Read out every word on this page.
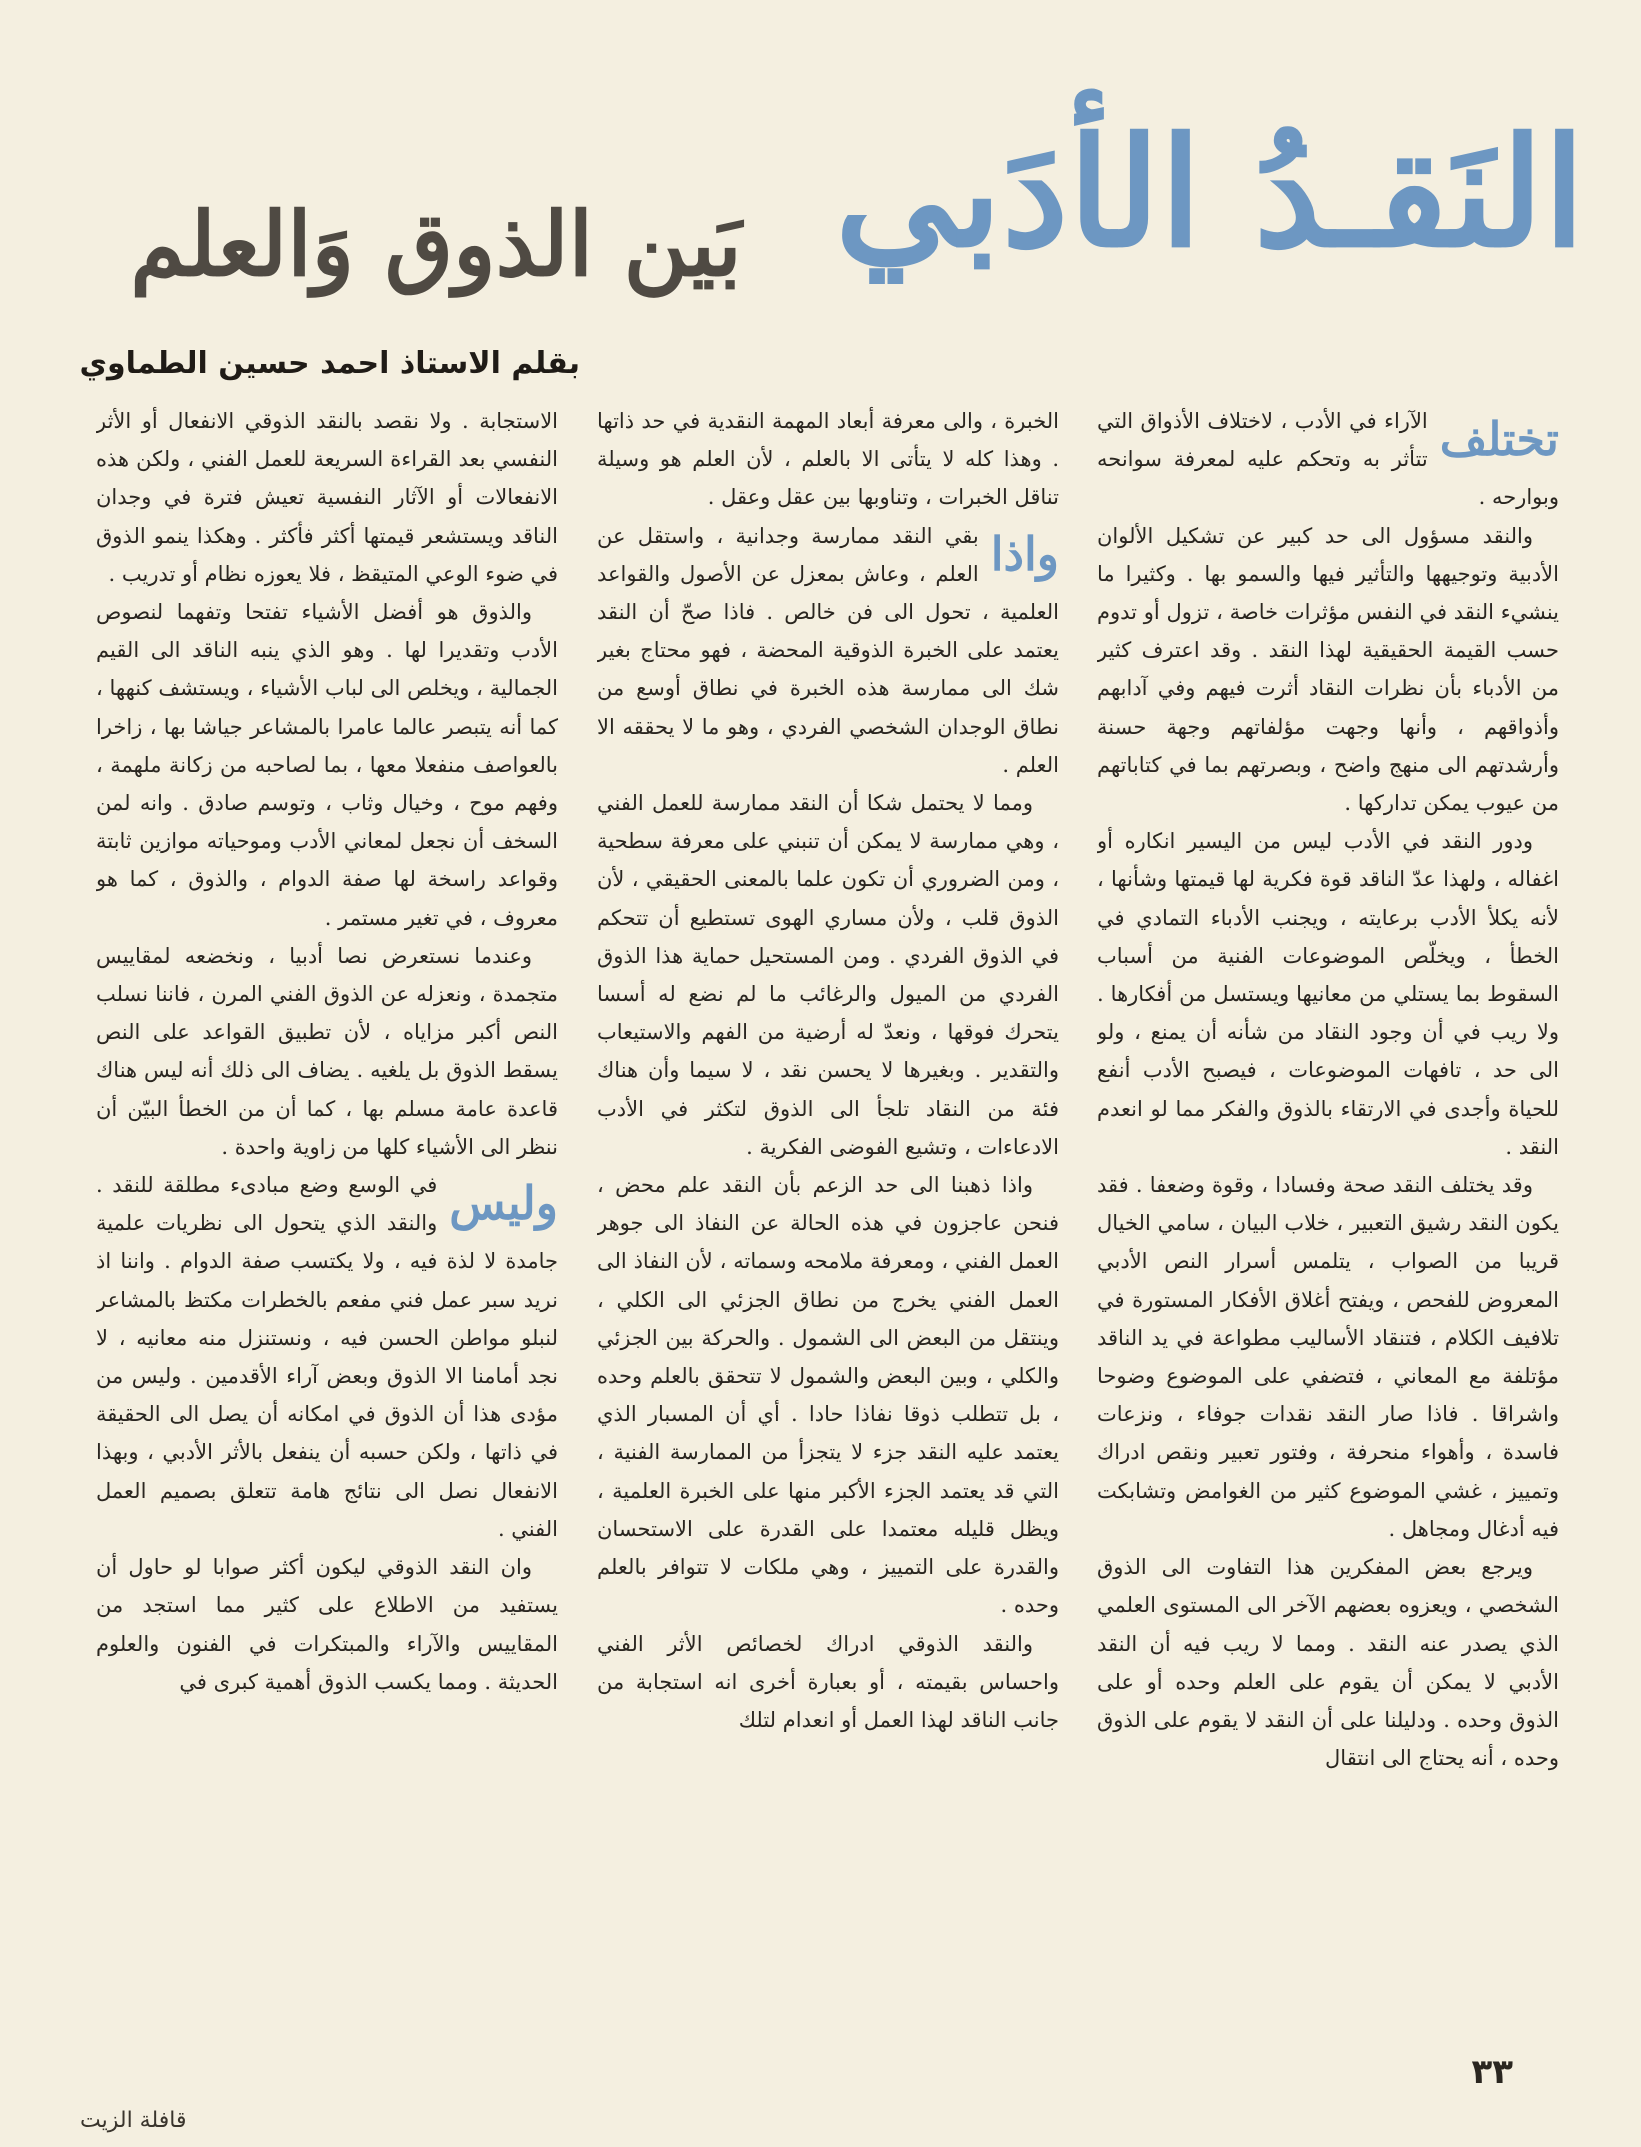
النَقـدُ الأدَبي
بَين الذوق وَالعلم
بقلم الاستاذ احمد حسين الطماوي

تختلف
الآراء في الأدب ، لاختلاف الأذواق التي تتأثر به وتحكم عليه لمعرفة سوانحه وبوارحه .

والنقد مسؤول الى حد كبير عن تشكيل الألوان الأدبية وتوجيهها والتأثير فيها والسمو بها . وكثيرا ما ينشيء النقد في النفس مؤثرات خاصة ، تزول أو تدوم حسب القيمة الحقيقية لهذا النقد . وقد اعترف كثير من الأدباء بأن نظرات النقاد أثرت فيهم وفي آدابهم وأذواقهم ، وأنها وجهت مؤلفاتهم وجهة حسنة وأرشدتهم الى منهج واضح ، وبصرتهم بما في كتاباتهم من عيوب يمكن تداركها .

ودور النقد في الأدب ليس من اليسير انكاره أو اغفاله ، ولهذا عدّ الناقد قوة فكرية لها قيمتها وشأنها ، لأنه يكلأ الأدب برعايته ، ويجنب الأدباء التمادي في الخطأ ، ويخلّص الموضوعات الفنية من أسباب السقوط بما يستلي من معانيها ويستسل من أفكارها . ولا ريب في أن وجود النقاد من شأنه أن يمنع ، ولو الى حد ، تافهات الموضوعات ، فيصبح الأدب أنفع للحياة وأجدى في الارتقاء بالذوق والفكر مما لو انعدم النقد .

وقد يختلف النقد صحة وفسادا ، وقوة وضعفا . فقد يكون النقد رشيق التعبير ، خلاب البيان ، سامي الخيال قريبا من الصواب ، يتلمس أسرار النص الأدبي المعروض للفحص ، ويفتح أغلاق الأفكار المستورة في تلافيف الكلام ، فتنقاد الأساليب مطواعة في يد الناقد مؤتلفة مع المعاني ، فتضفي على الموضوع وضوحا واشراقا . فاذا صار النقد نقدات جوفاء ، ونزعات فاسدة ، وأهواء منحرفة ، وفتور تعبير ونقص ادراك وتمييز ، غشي الموضوع كثير من الغوامض وتشابكت فيه أدغال ومجاهل .

ويرجع بعض المفكرين هذا التفاوت الى الذوق الشخصي ، ويعزوه بعضهم الآخر الى المستوى العلمي الذي يصدر عنه النقد . ومما لا ريب فيه أن النقد الأدبي لا يمكن أن يقوم على العلم وحده أو على الذوق وحده . ودليلنا على أن النقد لا يقوم على الذوق وحده ، أنه يحتاج الى انتقال

الخبرة ، والى معرفة أبعاد المهمة النقدية في حد ذاتها . وهذا كله لا يتأتى الا بالعلم ، لأن العلم هو وسيلة تناقل الخبرات ، وتناوبها بين عقل وعقل .

واذا
بقي النقد ممارسة وجدانية ، واستقل عن العلم ، وعاش بمعزل عن الأصول والقواعد العلمية ، تحول الى فن خالص . فاذا صحّ أن النقد يعتمد على الخبرة الذوقية المحضة ، فهو محتاج بغير شك الى ممارسة هذه الخبرة في نطاق أوسع من نطاق الوجدان الشخصي الفردي ، وهو ما لا يحققه الا العلم .

ومما لا يحتمل شكا أن النقد ممارسة للعمل الفني ، وهي ممارسة لا يمكن أن تنبني على معرفة سطحية ، ومن الضروري أن تكون علما بالمعنى الحقيقي ، لأن الذوق قلب ، ولأن مساري الهوى تستطيع أن تتحكم في الذوق الفردي . ومن المستحيل حماية هذا الذوق الفردي من الميول والرغائب ما لم نضع له أسسا يتحرك فوقها ، ونعدّ له أرضية من الفهم والاستيعاب والتقدير . وبغيرها لا يحسن نقد ، لا سيما وأن هناك فئة من النقاد تلجأ الى الذوق لتكثر في الأدب الادعاءات ، وتشيع الفوضى الفكرية .

واذا ذهبنا الى حد الزعم بأن النقد علم محض ، فنحن عاجزون في هذه الحالة عن النفاذ الى جوهر العمل الفني ، ومعرفة ملامحه وسماته ، لأن النفاذ الى العمل الفني يخرج من نطاق الجزئي الى الكلي ، وينتقل من البعض الى الشمول . والحركة بين الجزئي والكلي ، وبين البعض والشمول لا تتحقق بالعلم وحده ، بل تتطلب ذوقا نفاذا حادا . أي أن المسبار الذي يعتمد عليه النقد جزء لا يتجزأ من الممارسة الفنية ، التي قد يعتمد الجزء الأكبر منها على الخبرة العلمية ، ويظل قليله معتمدا على القدرة على الاستحسان والقدرة على التمييز ، وهي ملكات لا تتوافر بالعلم وحده .

والنقد الذوقي ادراك لخصائص الأثر الفني واحساس بقيمته ، أو بعبارة أخرى انه استجابة من جانب الناقد لهذا العمل أو انعدام لتلك

الاستجابة . ولا نقصد بالنقد الذوقي الانفعال أو الأثر النفسي بعد القراءة السريعة للعمل الفني ، ولكن هذه الانفعالات أو الآثار النفسية تعيش فترة في وجدان الناقد ويستشعر قيمتها أكثر فأكثر . وهكذا ينمو الذوق في ضوء الوعي المتيقظ ، فلا يعوزه نظام أو تدريب .

والذوق هو أفضل الأشياء تفتحا وتفهما لنصوص الأدب وتقديرا لها . وهو الذي ينبه الناقد الى القيم الجمالية ، ويخلص الى لباب الأشياء ، ويستشف كنهها ، كما أنه يتبصر عالما عامرا بالمشاعر جياشا بها ، زاخرا بالعواصف منفعلا معها ، بما لصاحبه من زكانة ملهمة ، وفهم موح ، وخيال وثاب ، وتوسم صادق . وانه لمن السخف أن نجعل لمعاني الأدب وموحياته موازين ثابتة وقواعد راسخة لها صفة الدوام ، والذوق ، كما هو معروف ، في تغير مستمر .

وعندما نستعرض نصا أدبيا ، ونخضعه لمقاييس متجمدة ، ونعزله عن الذوق الفني المرن ، فاننا نسلب النص أكبر مزاياه ، لأن تطبيق القواعد على النص يسقط الذوق بل يلغيه . يضاف الى ذلك أنه ليس هناك قاعدة عامة مسلم بها ، كما أن من الخطأ البيّن أن ننظر الى الأشياء كلها من زاوية واحدة .

وليس
في الوسع وضع مبادىء مطلقة للنقد . والنقد الذي يتحول الى نظريات علمية جامدة لا لذة فيه ، ولا يكتسب صفة الدوام . واننا اذ نريد سبر عمل فني مفعم بالخطرات مكتظ بالمشاعر لنبلو مواطن الحسن فيه ، ونستنزل منه معانيه ، لا نجد أمامنا الا الذوق وبعض آراء الأقدمين . وليس من مؤدى هذا أن الذوق في امكانه أن يصل الى الحقيقة في ذاتها ، ولكن حسبه أن ينفعل بالأثر الأدبي ، وبهذا الانفعال نصل الى نتائج هامة تتعلق بصميم العمل الفني .

وان النقد الذوقي ليكون أكثر صوابا لو حاول أن يستفيد من الاطلاع على كثير مما استجد من المقاييس والآراء والمبتكرات في الفنون والعلوم الحديثة . ومما يكسب الذوق أهمية كبرى في

٣٣
قافلة الزيت
